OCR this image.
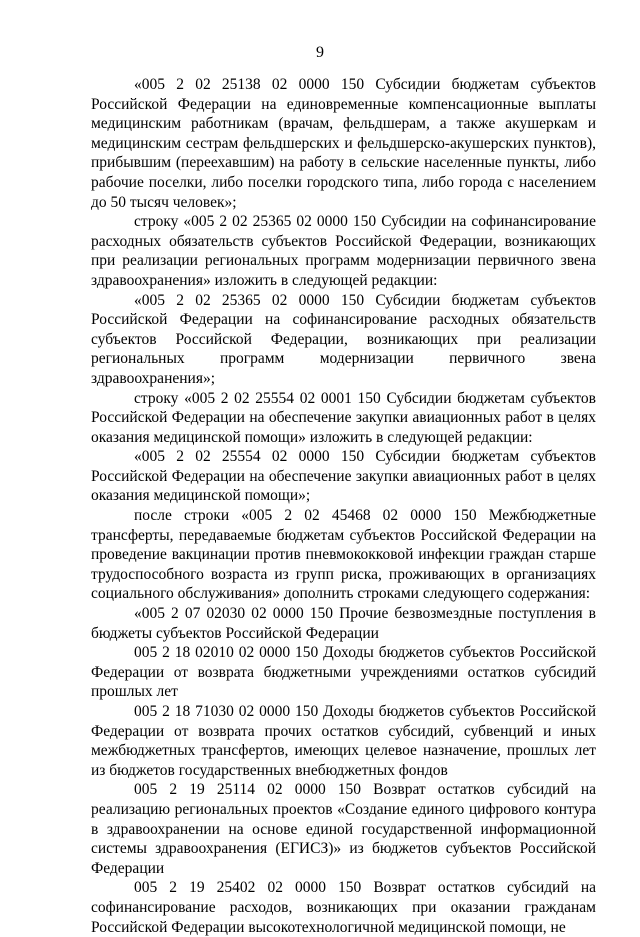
9

«005 2 02 25138 02 0000 150 Субсидии бюджетам субъектов Российской Федерации на единовременные компенсационные выплаты медицинским работникам (врачам, фельдшерам, а также акушеркам и медицинским сестрам фельдшерских и фельдшерско-акушерских пунктов), прибывшим (переехавшим) на работу в сельские населенные пункты, либо рабочие поселки, либо поселки городского типа, либо города с населением до 50 тысяч человек»;

строку «005 2 02 25365 02 0000 150 Субсидии на софинансирование расходных обязательств субъектов Российской Федерации, возникающих при реализации региональных программ модернизации первичного звена здравоохранения» изложить в следующей редакции:

«005 2 02 25365 02 0000 150 Субсидии бюджетам субъектов Российской Федерации на софинансирование расходных обязательств субъектов Российской Федерации, возникающих при реализации региональных программ модернизации первичного звена здравоохранения»;

строку «005 2 02 25554 02 0001 150 Субсидии бюджетам субъектов Российской Федерации на обеспечение закупки авиационных работ в целях оказания медицинской помощи» изложить в следующей редакции:

«005 2 02 25554 02 0000 150 Субсидии бюджетам субъектов Российской Федерации на обеспечение закупки авиационных работ в целях оказания медицинской помощи»;

после строки «005 2 02 45468 02 0000 150 Межбюджетные трансферты, передаваемые бюджетам субъектов Российской Федерации на проведение вакцинации против пневмококковой инфекции граждан старше трудоспособного возраста из групп риска, проживающих в организациях социального обслуживания» дополнить строками следующего содержания:

«005 2 07 02030 02 0000 150 Прочие безвозмездные поступления в бюджеты субъектов Российской Федерации

005 2 18 02010 02 0000 150 Доходы бюджетов субъектов Российской Федерации от возврата бюджетными учреждениями остатков субсидий прошлых лет

005 2 18 71030 02 0000 150 Доходы бюджетов субъектов Российской Федерации от возврата прочих остатков субсидий, субвенций и иных межбюджетных трансфертов, имеющих целевое назначение, прошлых лет из бюджетов государственных внебюджетных фондов

005 2 19 25114 02 0000 150 Возврат остатков субсидий на реализацию региональных проектов «Создание единого цифрового контура в здравоохранении на основе единой государственной информационной системы здравоохранения (ЕГИСЗ)» из бюджетов субъектов Российской Федерации

005 2 19 25402 02 0000 150 Возврат остатков субсидий на софинансирование расходов, возникающих при оказании гражданам Российской Федерации высокотехнологичной медицинской помощи, не
